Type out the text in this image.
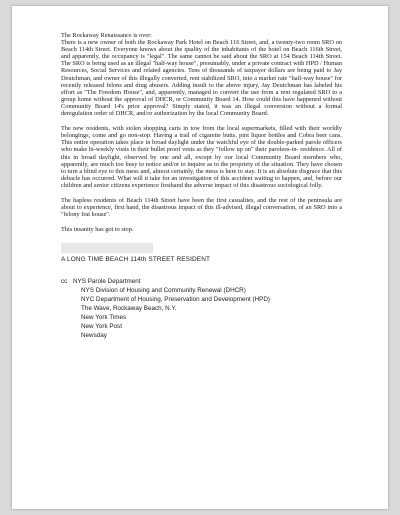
The Rockaway Renaissance is over:

There is a new owner of both the Rockaway Park Hotel on Beach 116 Street, and, a twenty-two room SRO on Beach 114th Street. Everyone knows about the quality of the inhabitants of the hotel on Beach 116th Street, and apparently, the occupancy is "legal". The same cannot be said about the SRO at 154 Beach 114th Street. The SRO is being used as an illegal "half-way house", presumably, under a private contract with HPD / Human Resources, Social Services and related agencies. Tens of thousands of taxpayer dollars are being paid to Jay Deutchman, and owner of this illegally converted, rent stabilized SRO, into a market rate "half-way house" for recently released felons and drug abusers. Adding insult to the above injury, Jay Deutchman has labeled his effort as "The Freedom House", and, apparently, managed to convert the use from a rent regulated SRO to a group home without the approval of DHCR, or Community Board 14. How could this have happened without Community Board 14's prior approval? Simply stated, it was an illegal conversion without a formal deregulation order of DHCR, and/or authorization by the local Community Board.

The new residents, with stolen shopping carts in tow from the local supermarkets, filled with their worldly belongings, come and go non-stop. Having a trail of cigarette butts, pint liquor bottles and Cobra beer cans. This entire operation takes place in broad daylight under the watchful eye of the double-parked parole officers who make bi-weekly visits in their bullet proof vests as they "follow up on" their parolees-in- residence. All of this in broad daylight, observed by one and all, except by our local Community Board members who, apparently, are much too busy to notice and/or to inquire as to the propriety of the situation. They have chosen to turn a blind eye to this mess and, almost certainly, the mess is here to stay. It is an absolute disgrace that this debacle has occurred. What will it take for an investigation of this accident waiting to happen, and, before our children and senior citizens experience firsthand the adverse impact of this disastrous sociological folly.

The hapless residents of Beach 114th Street have been the first casualties, and the rest of the peninsula are about to experience, first hand, the disastrous impact of this ill-advised, illegal conversation, of an SRO into a "felony frat house".

This insanity has got to stop.

A LONG TIME BEACH 114th STREET RESIDENT

cc NYS Parole Department
NYS Division of Housing and Community Renewal (DHCR)
NYC Department of Housing, Preservation and Development (HPD)
The Wave, Rockaway Beach, N.Y.
New York Times
New York Post
Newsday
